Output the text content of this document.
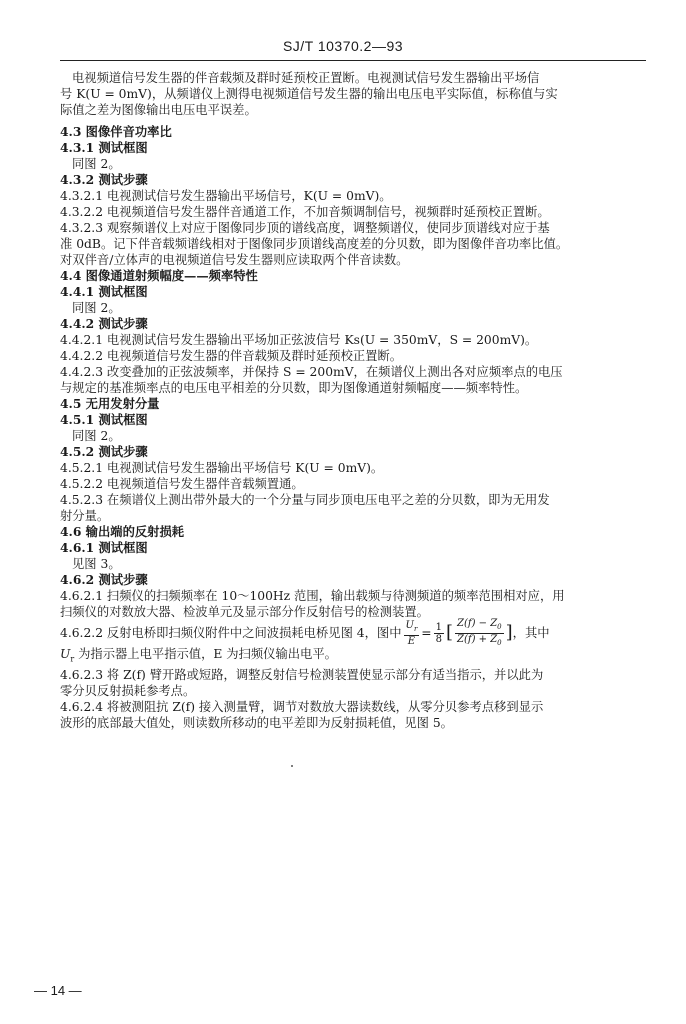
SJ/T 10370.2—93
电视频道信号发生器的伴音载频及群时延预校正置断。电视测试信号发生器输出平场信
号 K(U = 0mV)，从频谱仪上测得电视频道信号发生器的输出电压电平实际值，标称值与实
际值之差为图像输出电压电平误差。
4.3 图像伴音功率比
4.3.1 测试框图
同图 2。
4.3.2 测试步骤
4.3.2.1 电视测试信号发生器输出平场信号，K(U = 0mV)。
4.3.2.2 电视频道信号发生器伴音通道工作，不加音频调制信号，视频群时延预校正置断。
4.3.2.3 观察频谱仪上对应于图像同步顶的谱线高度，调整频谱仪，使同步顶谱线对应于基
准 0dB。记下伴音载频谱线相对于图像同步顶谱线高度差的分贝数，即为图像伴音功率比值。
对双伴音/立体声的电视频道信号发生器则应读取两个伴音读数。
4.4 图像通道射频幅度——频率特性
4.4.1 测试框图
同图 2。
4.4.2 测试步骤
4.4.2.1 电视测试信号发生器输出平场加正弦波信号 Ks(U = 350mV，S = 200mV)。
4.4.2.2 电视频道信号发生器的伴音载频及群时延预校正置断。
4.4.2.3 改变叠加的正弦波频率，并保持 S = 200mV，在频谱仪上测出各对应频率点的电压
与规定的基准频率点的电压电平相差的分贝数，即为图像通道射频幅度——频率特性。
4.5 无用发射分量
4.5.1 测试框图
同图 2。
4.5.2 测试步骤
4.5.2.1 电视测试信号发生器输出平场信号 K(U = 0mV)。
4.5.2.2 电视频道信号发生器伴音载频置通。
4.5.2.3 在频谱仪上测出带外最大的一个分量与同步顶电压电平之差的分贝数，即为无用发
射分量。
4.6 输出端的反射损耗
4.6.1 测试框图
见图 3。
4.6.2 测试步骤
4.6.2.1 扫频仪的扫频频率在 10～100Hz 范围，输出载频与待测频道的频率范围相对应，用
扫频仪的对数放大器、检波单元及显示部分作反射信号的检测装置。
4.6.2.2 反射电桥即扫频仪附件中之间波损耗电桥见图 4，图中 $\frac{U_r}{E} = \frac{1}{8}$ [ $\frac{Z(f) - Z_0}{Z(f) + Z_0}$ ] ，其中
$U_r$ 为指示器上电平指示值，E 为扫频仪输出电平。
4.6.2.3 将 Z(f) 臂开路或短路，调整反射信号检测装置使显示部分有适当指示，并以此为
零分贝反射损耗参考点。
4.6.2.4 将被测阻抗 Z(f) 接入测量臂，调节对数放大器读数线，从零分贝参考点移到显示
波形的底部最大值处，则读数所移动的电平差即为反射损耗值，见图 5。
— 14 —
